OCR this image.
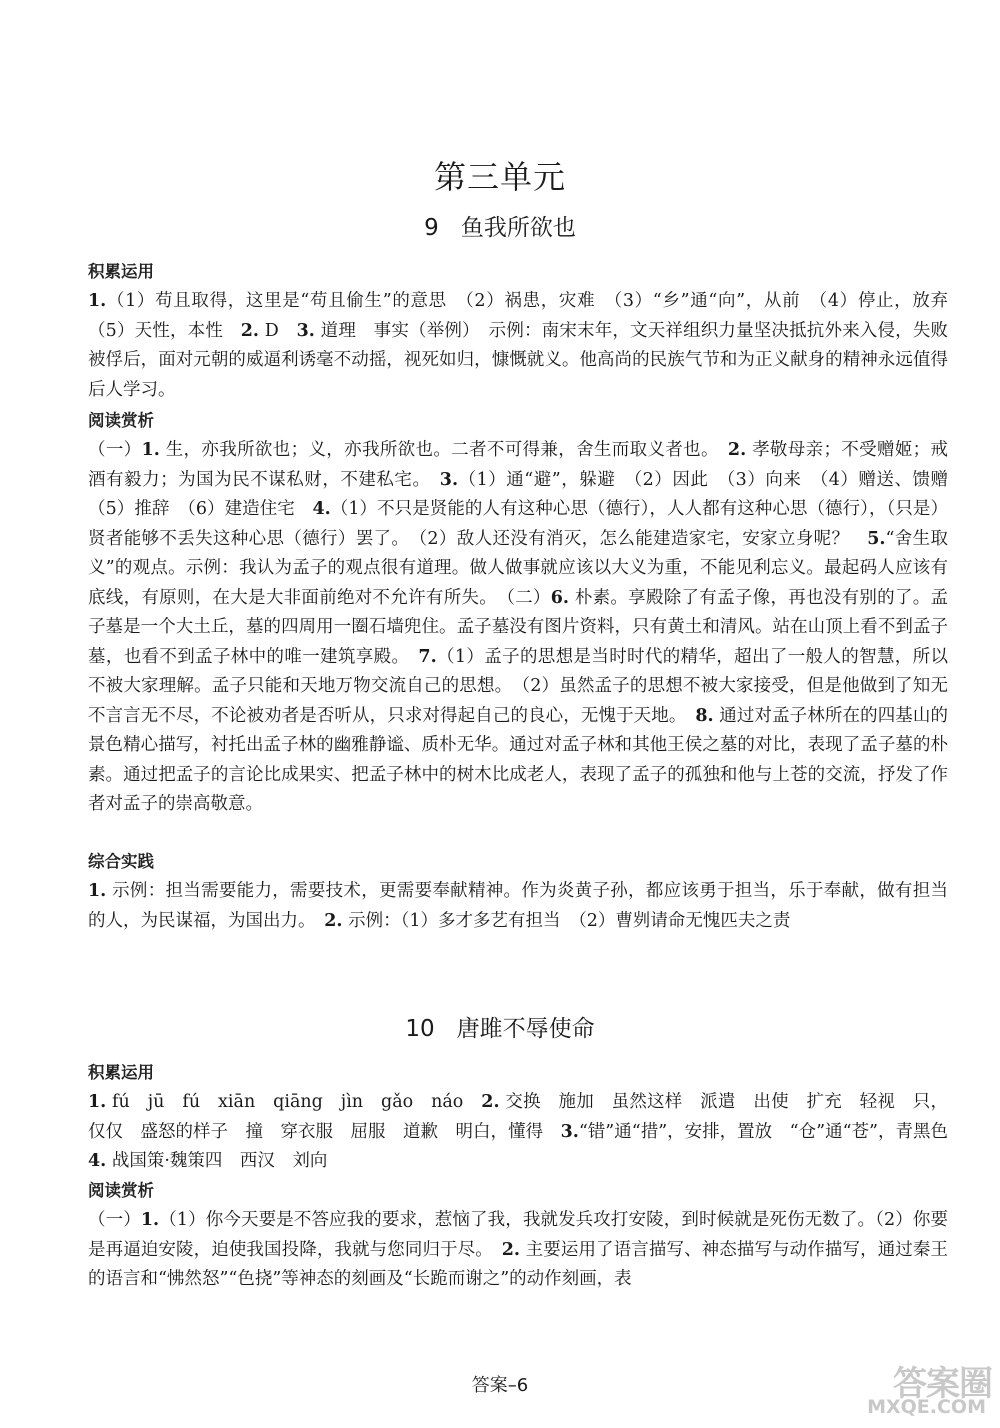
第三单元
9 鱼我所欲也
积累运用
1.（1）苟且取得，这里是“苟且偷生”的意思　（2）祸患，灾难　（3）“乡”通“向”，从前　（4）停止，放弃　（5）天性，本性　2. D　3. 道理　事实（举例）　示例：南宋末年，文天祥组织力量坚决抵抗外来入侵，失败被俘后，面对元朝的威逼利诱毫不动摇，视死如归，慷慨就义。他高尚的民族气节和为正义献身的精神永远值得后人学习。
阅读赏析
（一）1. 生，亦我所欲也；义，亦我所欲也。二者不可得兼，舍生而取义者也。　2. 孝敬母亲；不受赠姬；戒酒有毅力；为国为民不谋私财，不建私宅。　3.（1）通“避”，躲避　（2）因此　（3）向来　（4）赠送、馈赠　（5）推辞　（6）建造住宅　4.（1）不只是贤能的人有这种心思（德行），人人都有这种心思（德行），（只是）贤者能够不丢失这种心思（德行）罢了。　（2）敌人还没有消灭，怎么能建造家宅，安家立身呢？　5.“舍生取义”的观点。示例：我认为孟子的观点很有道理。做人做事就应该以大义为重，不能见利忘义。最起码人应该有底线，有原则，在大是大非面前绝对不允许有所失。　（二）6. 朴素。享殿除了有孟子像，再也没有别的了。孟子墓是一个大土丘，墓的四周用一圈石墙兜住。孟子墓没有图片资料，只有黄土和清风。站在山顶上看不到孟子墓，也看不到孟子林中的唯一建筑享殿。　7.（1）孟子的思想是当时时代的精华，超出了一般人的智慧，所以不被大家理解。孟子只能和天地万物交流自己的思想。　（2）虽然孟子的思想不被大家接受，但是他做到了知无不言言无不尽，不论被劝者是否听从，只求对得起自己的良心，无愧于天地。　8. 通过对孟子林所在的四基山的景色精心描写，衬托出孟子林的幽雅静谧、质朴无华。通过对孟子林和其他王侯之墓的对比，表现了孟子墓的朴素。通过把孟子的言论比成果实、把孟子林中的树木比成老人，表现了孟子的孤独和他与上苍的交流，抒发了作者对孟子的崇高敬意。
综合实践
1. 示例：担当需要能力，需要技术，更需要奉献精神。作为炎黄子孙，都应该勇于担当，乐于奉献，做有担当的人，为民谋福，为国出力。　2. 示例：（1）多才多艺有担当　（2）曹刿请命无愧匹夫之责
10 唐雎不辱使命
积累运用
1. fú　jū　fú　xiān　qiāng　jìn　gǎo　náo　2. 交换　施加　虽然这样　派遣　出使　扩充　轻视　只，仅仅　盛怒的样子　撞　穿衣服　屈服　道歉　明白，懂得　3.“错”通“措”，安排，置放　“仓”通“苍”，青黑色　4. 战国策·魏策四　西汉　刘向
阅读赏析
（一）1.（1）你今天要是不答应我的要求，惹恼了我，我就发兵攻打安陵，到时候就是死伤无数了。（2）你要是再逼迫安陵，迫使我国投降，我就与您同归于尽。　2. 主要运用了语言描写、神态描写与动作描写，通过秦王的语言和“怫然怒”“色挠”等神态的刻画及“长跪而谢之”的动作刻画，表
答案–6	答案圈
MXQE.COM
